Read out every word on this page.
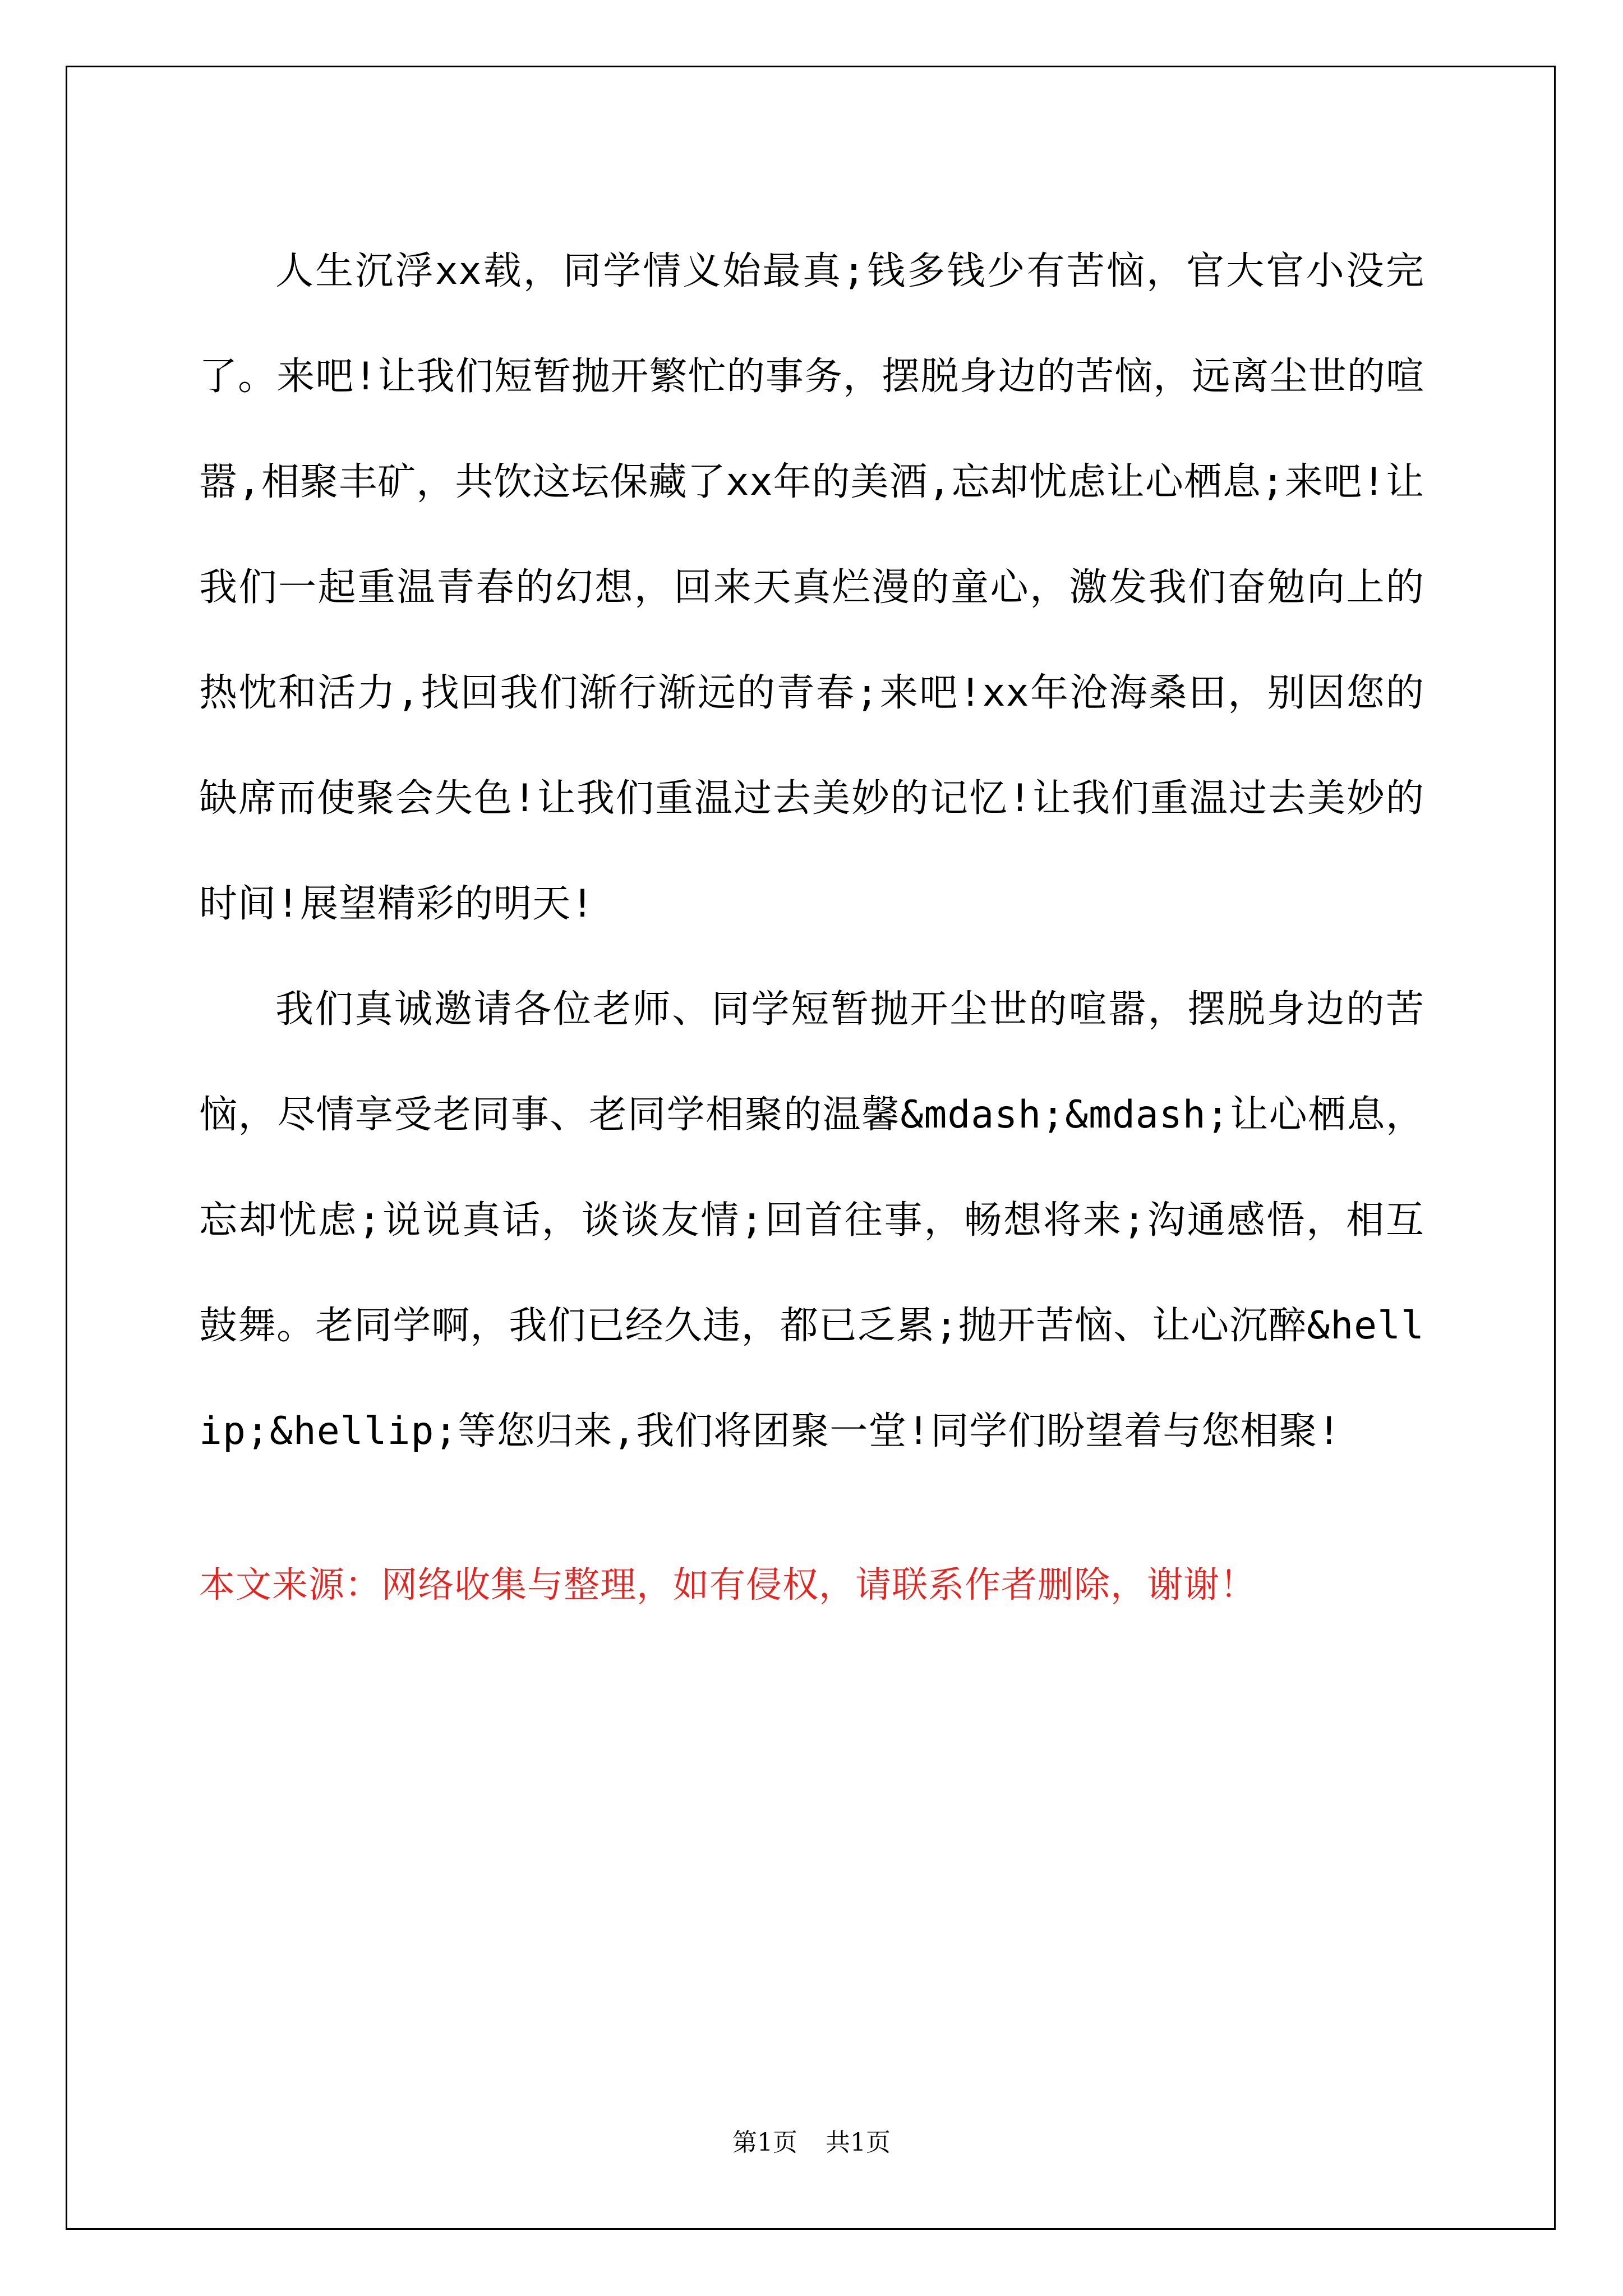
人生沉浮xx载，同学情义始最真;钱多钱少有苦恼，官大官小没完了。来吧!让我们短暂抛开繁忙的事务，摆脱身边的苦恼，远离尘世的喧嚣,相聚丰矿，共饮这坛保藏了xx年的美酒,忘却忧虑让心栖息;来吧!让我们一起重温青春的幻想，回来天真烂漫的童心，激发我们奋勉向上的热忱和活力,找回我们渐行渐远的青春;来吧!xx年沧海桑田，别因您的缺席而使聚会失色!让我们重温过去美妙的记忆!让我们重温过去美妙的时间!展望精彩的明天!

我们真诚邀请各位老师、同学短暂抛开尘世的喧嚣，摆脱身边的苦恼，尽情享受老同事、老同学相聚的温馨&mdash;&mdash;让心栖息，忘却忧虑;说说真话，谈谈友情;回首往事，畅想将来;沟通感悟，相互鼓舞。老同学啊，我们已经久违，都已乏累;抛开苦恼、让心沉醉&hellip;&hellip;等您归来,我们将团聚一堂!同学们盼望着与您相聚!

本文来源：网络收集与整理，如有侵权，请联系作者删除，谢谢！

第1页 共1页
